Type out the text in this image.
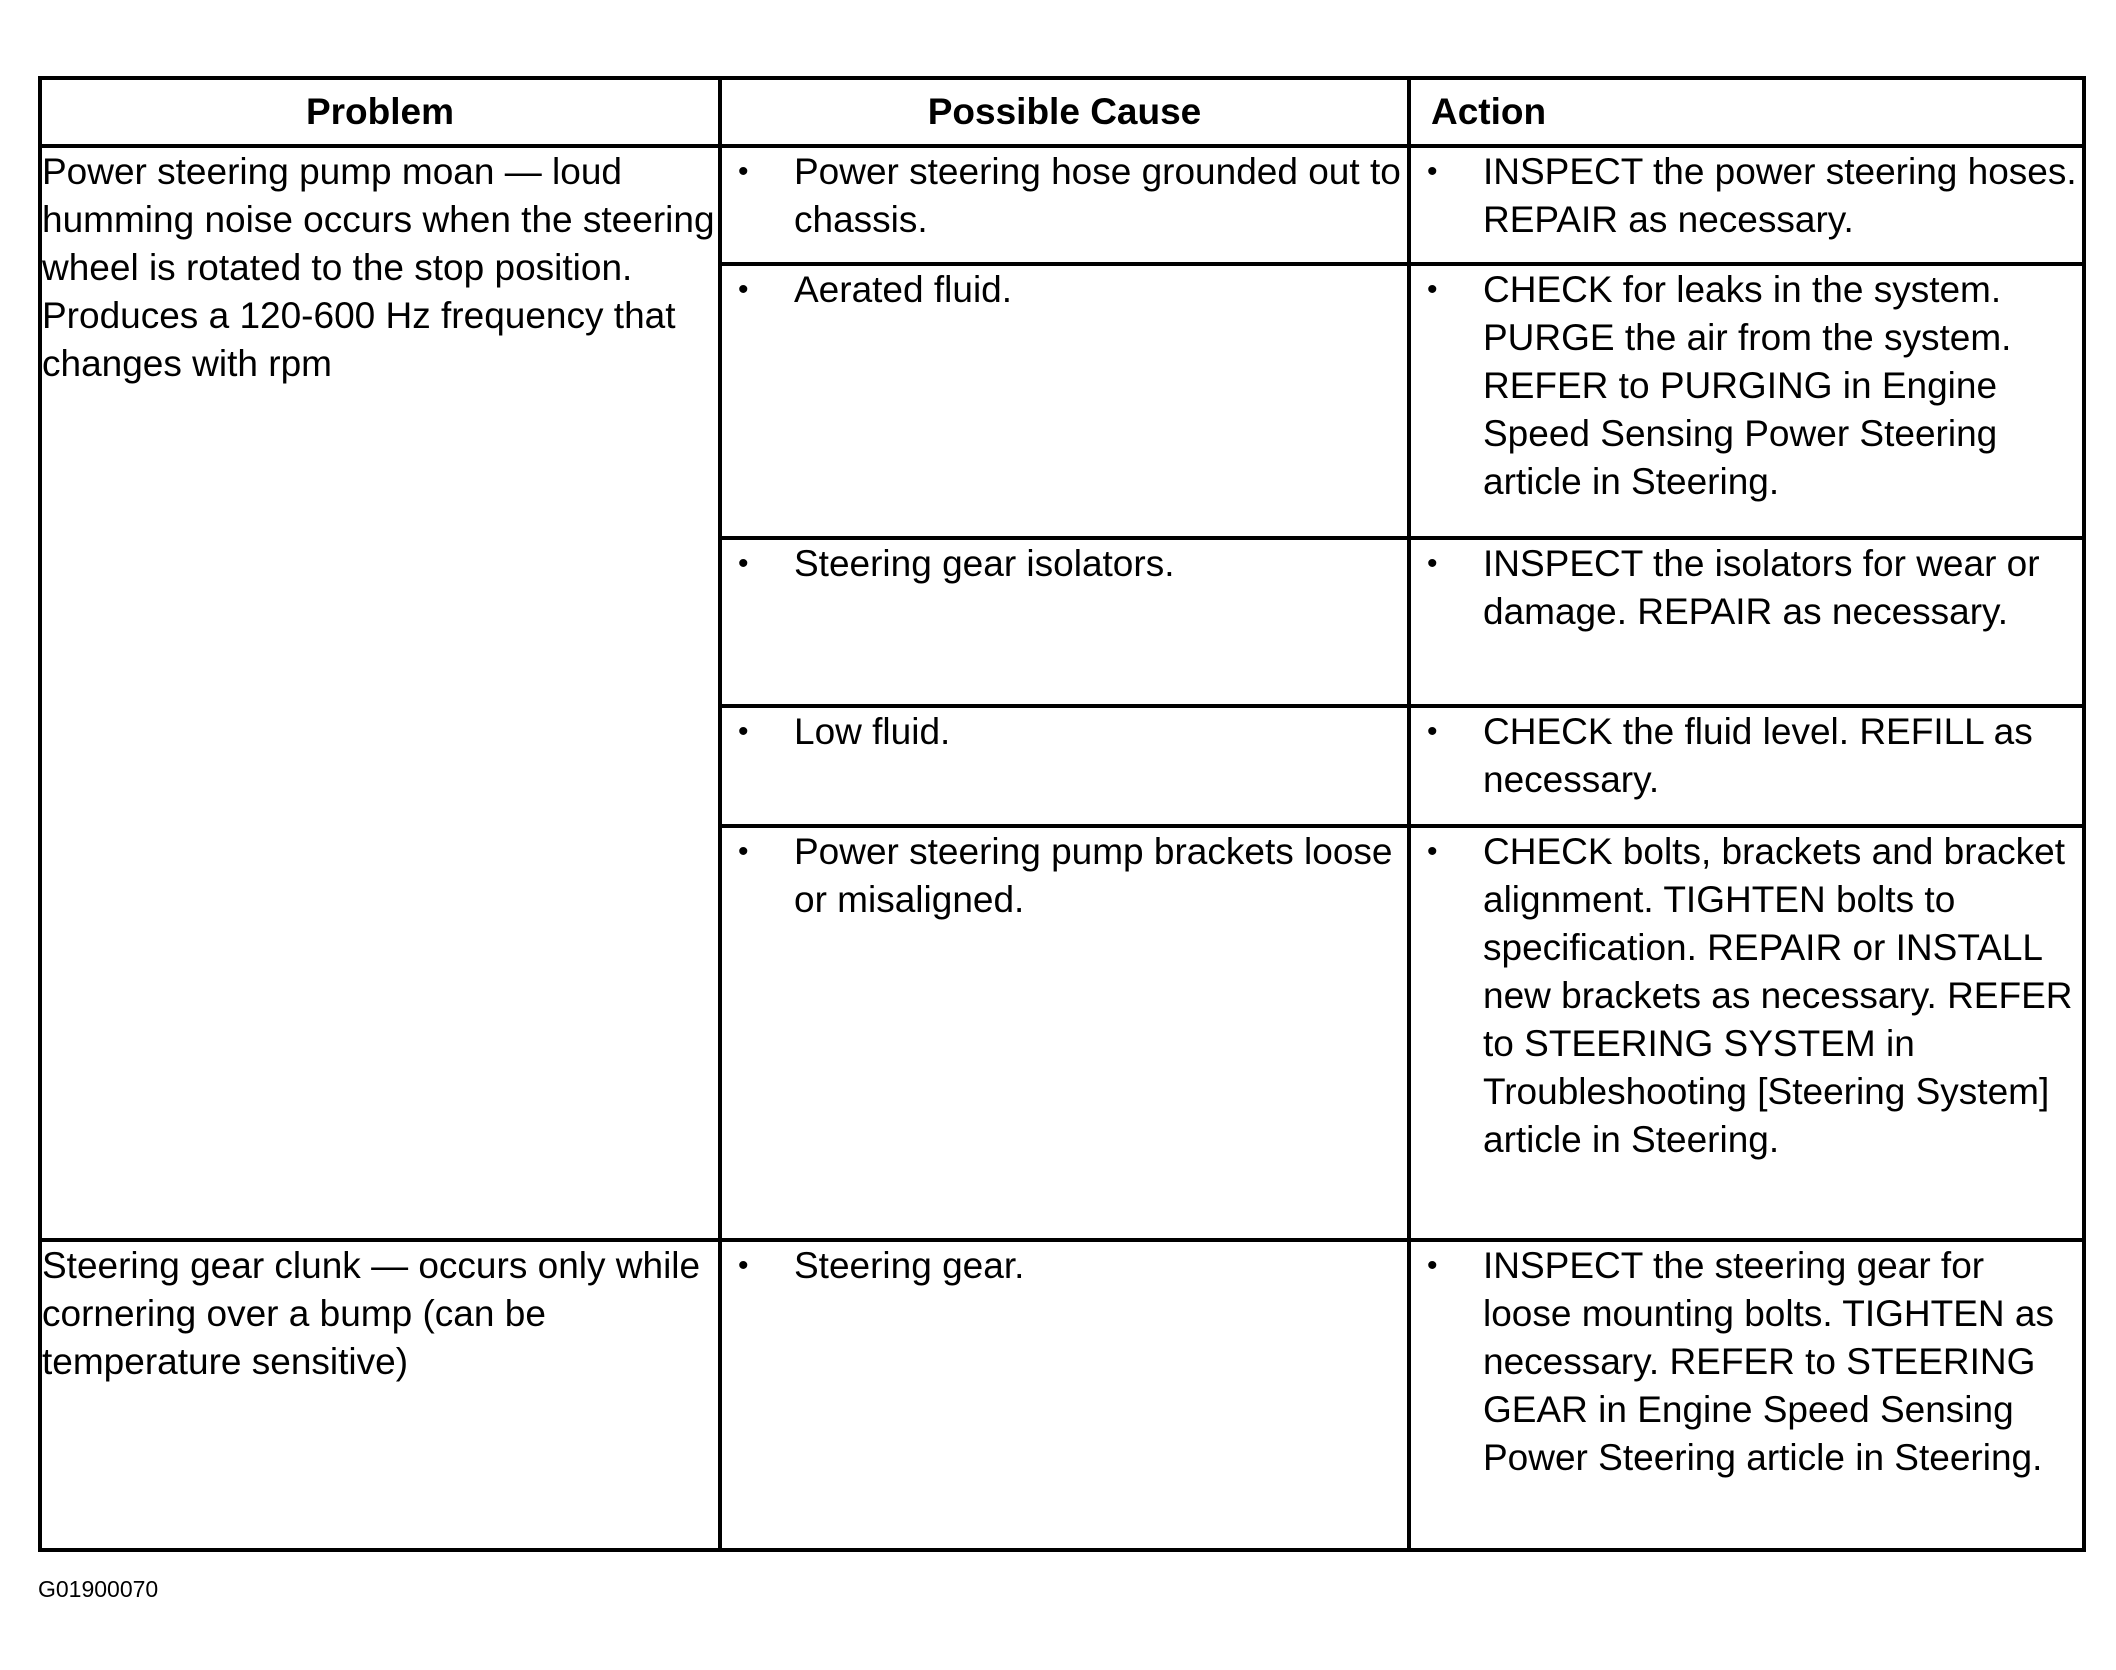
Problem	Possible Cause	Action
Power steering pump moan — loud humming noise occurs when the steering wheel is rotated to the stop position. Produces a 120-600 Hz frequency that changes with rpm	• Power steering hose grounded out to chassis.	• INSPECT the power steering hoses. REPAIR as necessary.

	• Aerated fluid.	• CHECK for leaks in the system. PURGE the air from the system. REFER to PURGING in Engine Speed Sensing Power Steering article in Steering.

	• Steering gear isolators.	• INSPECT the isolators for wear or damage. REPAIR as necessary.

	• Low fluid.	• CHECK the fluid level. REFILL as necessary.

	• Power steering pump brackets loose or misaligned.	• CHECK bolts, brackets and bracket alignment. TIGHTEN bolts to specification. REPAIR or INSTALL new brackets as necessary. REFER to STEERING SYSTEM in Troubleshooting [Steering System] article in Steering.

Steering gear clunk — occurs only while cornering over a bump (can be temperature sensitive)	• Steering gear.	• INSPECT the steering gear for loose mounting bolts. TIGHTEN as necessary. REFER to STEERING GEAR in Engine Speed Sensing Power Steering article in Steering.
G01900070
